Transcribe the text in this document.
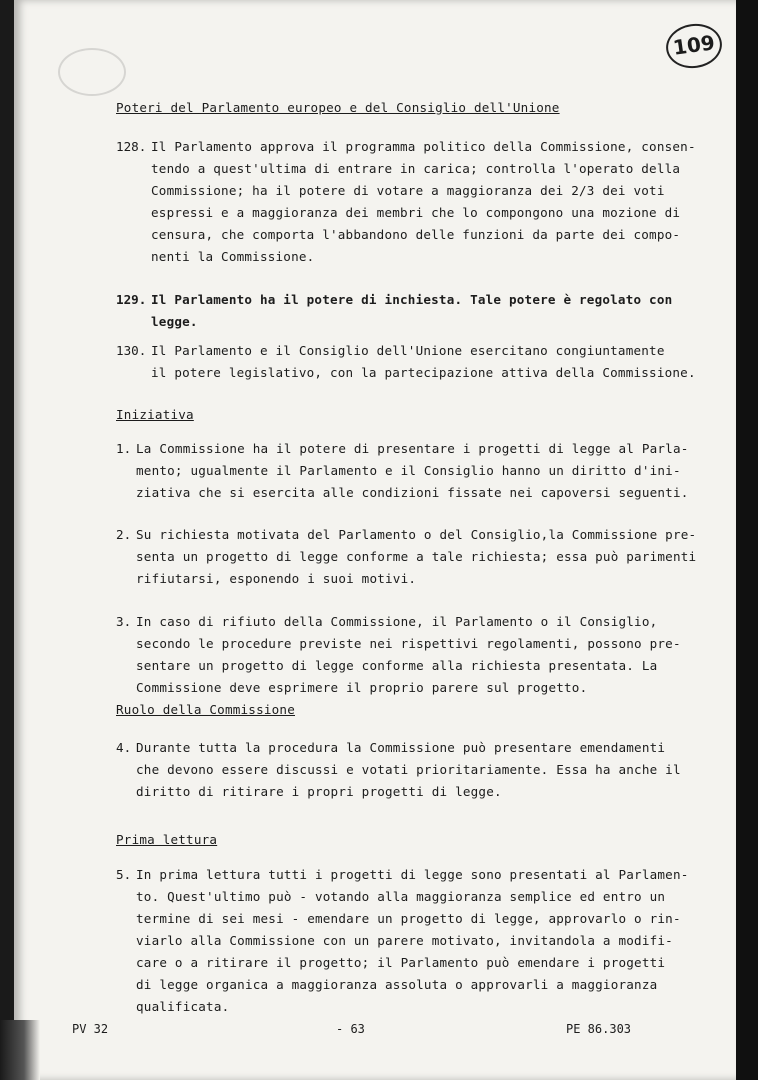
109
Poteri del Parlamento europeo e del Consiglio dell'Unione
128. Il Parlamento approva il programma politico della Commissione, consen-
tendo a quest'ultima di entrare in carica; controlla l'operato della
Commissione; ha il potere di votare a maggioranza dei 2/3 dei voti
espressi e a maggioranza dei membri che lo compongono una mozione di
censura, che comporta l'abbandono delle funzioni da parte dei compo-
nenti la Commissione.
129. Il Parlamento ha il potere di inchiesta. Tale potere è regolato con
legge.
130. Il Parlamento e il Consiglio dell'Unione esercitano congiuntamente
il potere legislativo, con la partecipazione attiva della Commissione.
Iniziativa
1. La Commissione ha il potere di presentare i progetti di legge al Parla-
mento; ugualmente il Parlamento e il Consiglio hanno un diritto d'ini-
ziativa che si esercita alle condizioni fissate nei capoversi seguenti.
2. Su richiesta motivata del Parlamento o del Consiglio,la Commissione pre-
senta un progetto di legge conforme a tale richiesta; essa può parimenti
rifiutarsi, esponendo i suoi motivi.
3. In caso di rifiuto della Commissione, il Parlamento o il Consiglio,
secondo le procedure previste nei rispettivi regolamenti, possono pre-
sentare un progetto di legge conforme alla richiesta presentata. La
Commissione deve esprimere il proprio parere sul progetto.
Ruolo della Commissione
4. Durante tutta la procedura la Commissione può presentare emendamenti
che devono essere discussi e votati prioritariamente. Essa ha anche il
diritto di ritirare i propri progetti di legge.
Prima lettura
5. In prima lettura tutti i progetti di legge sono presentati al Parlamen-
to. Quest'ultimo può - votando alla maggioranza semplice ed entro un
termine di sei mesi - emendare un progetto di legge, approvarlo o rin-
viarlo alla Commissione con un parere motivato, invitandola a modifi-
care o a ritirare il progetto; il Parlamento può emendare i progetti
di legge organica a maggioranza assoluta o approvarli a maggioranza
qualificata.
PV 32	- 63	PE 86.303
